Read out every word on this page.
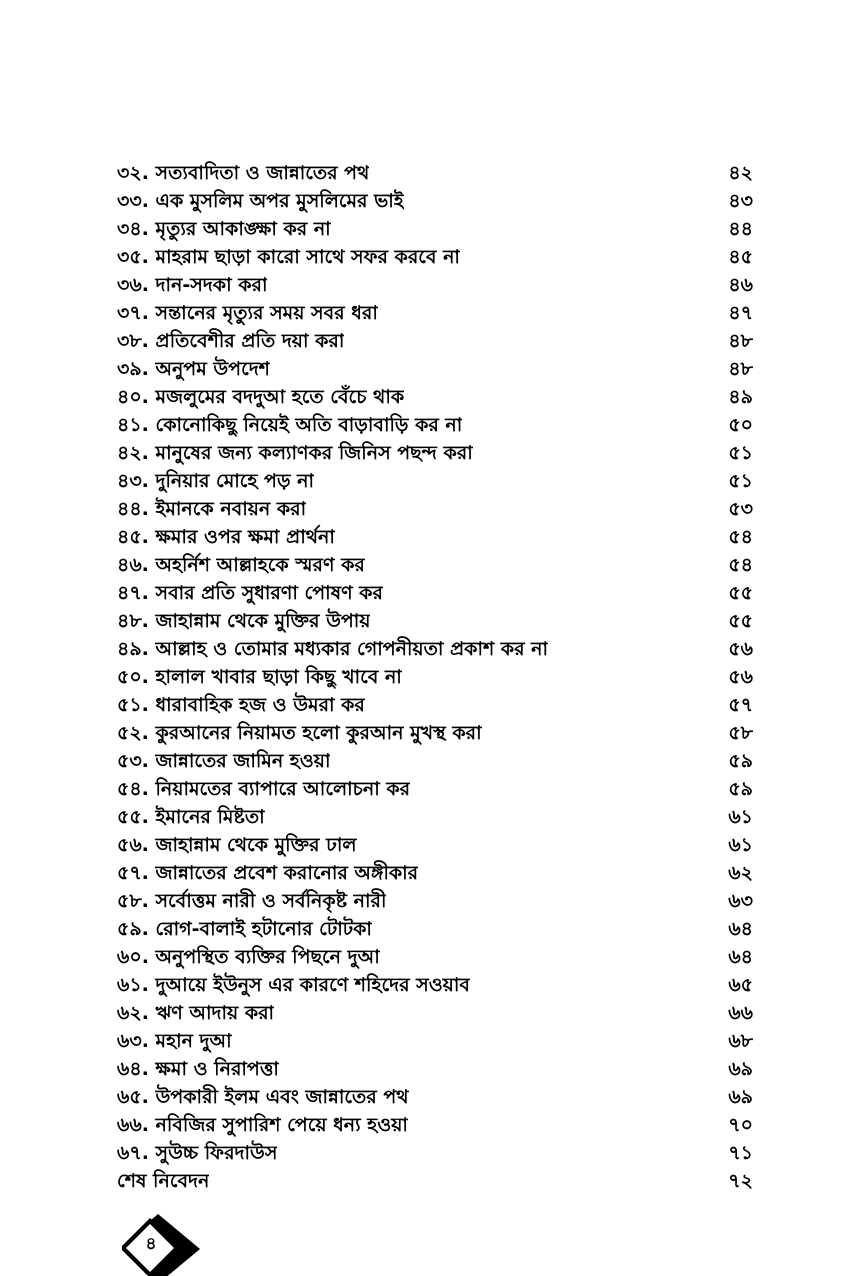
৩২. সত্যবাদিতা ও জান্নাতের পথ	৪২
৩৩. এক মুসলিম অপর মুসলিমের ভাই	৪৩
৩৪. মৃত্যুর আকাঙ্ক্ষা কর না	৪৪
৩৫. মাহরাম ছাড়া কারো সাথে সফর করবে না	৪৫
৩৬. দান-সদকা করা	৪৬
৩৭. সন্তানের মৃত্যুর সময় সবর ধরা	৪৭
৩৮. প্রতিবেশীর প্রতি দয়া করা	৪৮
৩৯. অনুপম উপদেশ	৪৮
৪০. মজলুমের বদদুআ হতে বেঁচে থাক	৪৯
৪১. কোনোকিছু নিয়েই অতি বাড়াবাড়ি কর না	৫০
৪২. মানুষের জন্য কল্যাণকর জিনিস পছন্দ করা	৫১
৪৩. দুনিয়ার মোহে পড় না	৫১
৪৪. ইমানকে নবায়ন করা	৫৩
৪৫. ক্ষমার ওপর ক্ষমা প্রার্থনা	৫৪
৪৬. অহর্নিশ আল্লাহকে স্মরণ কর	৫৪
৪৭. সবার প্রতি সুধারণা পোষণ কর	৫৫
৪৮. জাহান্নাম থেকে মুক্তির উপায়	৫৫
৪৯. আল্লাহ ও তোমার মধ্যকার গোপনীয়তা প্রকাশ কর না	৫৬
৫০. হালাল খাবার ছাড়া কিছু খাবে না	৫৬
৫১. ধারাবাহিক হজ ও উমরা কর	৫৭
৫২. কুরআনের নিয়ামত হলো কুরআন মুখস্থ করা	৫৮
৫৩. জান্নাতের জামিন হওয়া	৫৯
৫৪. নিয়ামতের ব্যাপারে আলোচনা কর	৫৯
৫৫. ইমানের মিষ্টতা	৬১
৫৬. জাহান্নাম থেকে মুক্তির ঢাল	৬১
৫৭. জান্নাতের প্রবেশ করানোর অঙ্গীকার	৬২
৫৮. সর্বোত্তম নারী ও সর্বনিকৃষ্ট নারী	৬৩
৫৯. রোগ-বালাই হটানোর টোটকা	৬৪
৬০. অনুপস্থিত ব্যক্তির পিছনে দুআ	৬৪
৬১. দুআয়ে ইউনুস এর কারণে শহিদের সওয়াব	৬৫
৬২. ঋণ আদায় করা	৬৬
৬৩. মহান দুআ	৬৮
৬৪. ক্ষমা ও নিরাপত্তা	৬৯
৬৫. উপকারী ইলম এবং জান্নাতের পথ	৬৯
৬৬. নবিজির সুপারিশ পেয়ে ধন্য হওয়া	৭০
৬৭. সুউচ্চ ফিরদাউস	৭১
শেষ নিবেদন	৭২
৪
